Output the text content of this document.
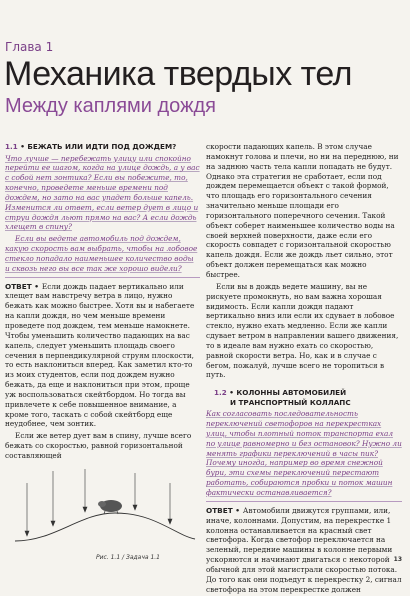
Глава 1
Механика твердых тел
Между каплями дождя
1.1 • БЕЖАТЬ ИЛИ ИДТИ ПОД ДОЖДЕМ?

Что лучше — перебежать улицу или спокойно перейти ее шагом, когда на улице дождь, а у вас с собой нет зонтика? Если вы побежите, то, конечно, проведете меньше времени под дождем, но зато на вас упадет больше капель. Изменится ли ответ, если ветер дует в лицо и струи дождя льют прямо на вас? А если дождь хлещет в спину?

Если вы ведете автомобиль под дождем, какую скорость вам выбрать, чтобы на лобовое стекло попадало наименьшее количество воды и сквозь него вы все так же хорошо видели?

ОТВЕТ • Если дождь падает вертикально или хлещет вам навстречу ветра в лицо, нужно бежать как можно быстрее. Хотя вы и набегаете на капли дождя, но чем меньше времени проведете под дождем, тем меньше намокнете. Чтобы уменьшить количество падающих на вас капель, следует уменьшить площадь своего сечения в перпендикулярной струям плоскости, то есть наклониться вперед. Как заметил кто-то из моих студентов, если под дождем нужно бежать, да еще и наклониться при этом, проще уж воспользоваться скейтбордом. Но тогда вы привлечете к себе повышенное внимание, а кроме того, таскать с собой скейтборд еще неудобнее, чем зонтик.

Если же ветер дует вам в спину, лучше всего бежать со скоростью, равной горизонтальной составляющей

Рис. 1.1 / Задача 1.1

скорости падающих капель. В этом случае намокнут голова и плечи, но ни на переднюю, ни на заднюю часть тела капли попадать не будут. Однако эта стратегия не сработает, если под дождем перемещается объект с такой формой, что площадь его горизонтального сечения значительно меньше площади его горизонтального поперечного сечения. Такой объект соберет наименьшее количество воды на своей верхней поверхности, даже если его скорость совпадет с горизонтальной скоростью капель дождя. Если же дождь льет сильно, этот объект должен перемещаться как можно быстрее.

Если вы в дождь ведете машину, вы не рискуете промокнуть, но вам важна хорошая видимость. Если капли дождя падают вертикально вниз или если их сдувает в лобовое стекло, нужно ехать медленно. Если же капли сдувает ветром в направлении вашего движения, то в идеале вам нужно ехать со скоростью, равной скорости ветра. Но, как и в случае с бегом, пожалуй, лучше всего не торопиться в путь.

1.2 • КОЛОННЫ АВТОМОБИЛЕЙ
И ТРАНСПОРТНЫЙ КОЛЛАПС

Как согласовать последовательность переключений светофоров на перекрестках улиц, чтобы плотный поток транспорта ехал по улице равномерно и без остановок? Нужно ли менять графики переключений в часы пик? Почему иногда, например во время снежной бури, эти схемы переключений перестают работать, собираются пробки и поток машин фактически останавливается?

ОТВЕТ • Автомобили движутся группами, или, иначе, колоннами. Допустим, на перекрестке 1 колонна останавливается на красный свет светофора. Когда светофор переключается на зеленый, передние машины в колонне первыми ускоряются и начинают двигаться с некоторой обычной для этой магистрали скоростью потока. До того как они подъедут к перекрестку 2, сигнал светофора на этом перекрестке должен

13
